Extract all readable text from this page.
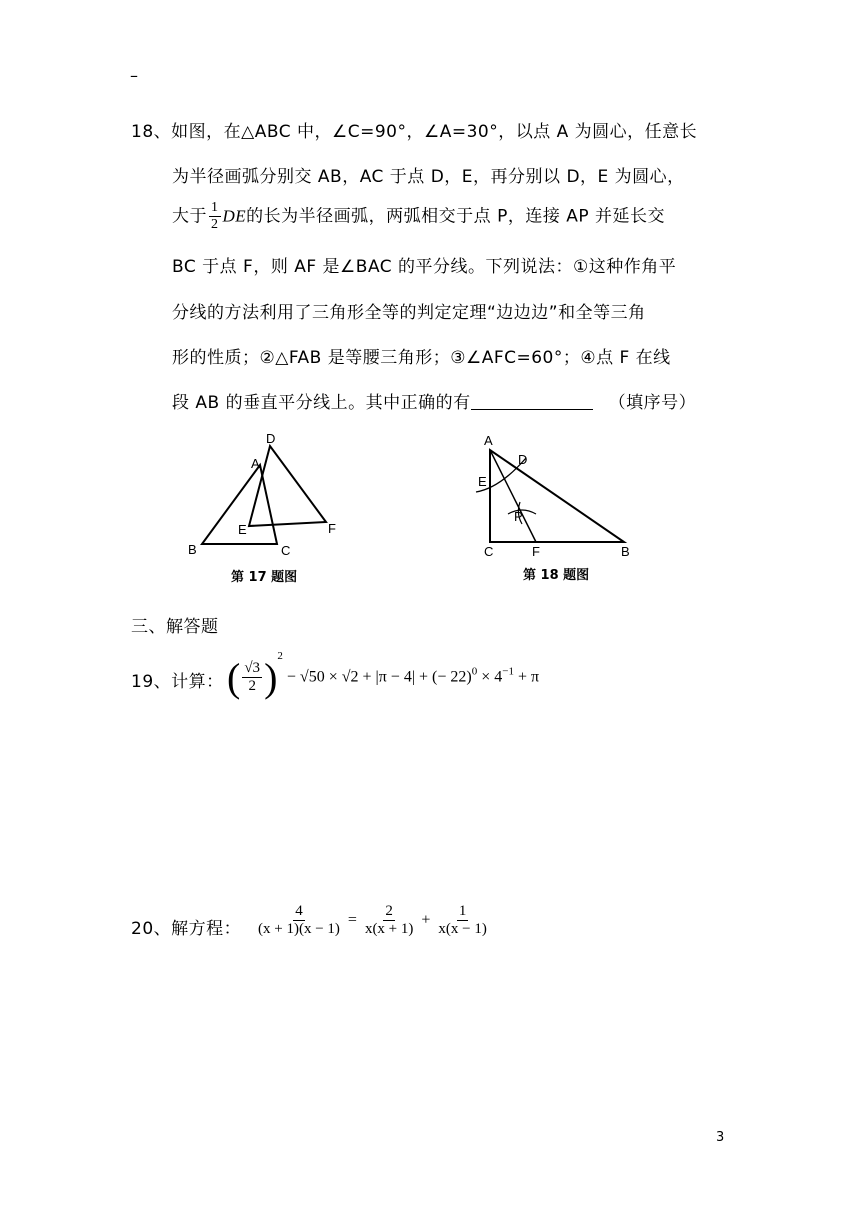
–
18、如图，在△ABC 中，∠C=90°，∠A=30°，以点 A 为圆心，任意长
为半径画弧分别交 AB，AC 于点 D，E，再分别以 D，E 为圆心，
大于 $\frac{1}{2}$ DE的长为半径画弧，两弧相交于点 P，连接 AP 并延长交
BC 于点 F，则 AF 是∠BAC 的平分线。下列说法：①这种作角平
分线的方法利用了三角形全等的判定定理“边边边”和全等三角
形的性质；②△FAB 是等腰三角形；③∠AFC=60°；④点 F 在线
段 AB 的垂直平分线上。其中正确的有	（填序号）
D
A
E	F
B	C
第 17 题图
A
D
E
P
C	F	B
第 18 题图
三、解答题
19、计算： ( $\frac{√3}{2} )^2 - √50 \times √2 + |\pi - 4|$ + (− $22)^0 \times 4^{-1} + \pi$
20、解方程： $\frac{4}{(x + 1)(x - 1)} = \frac{2}{x(x + 1)} + \frac{1}{x(x - 1)}$
3
